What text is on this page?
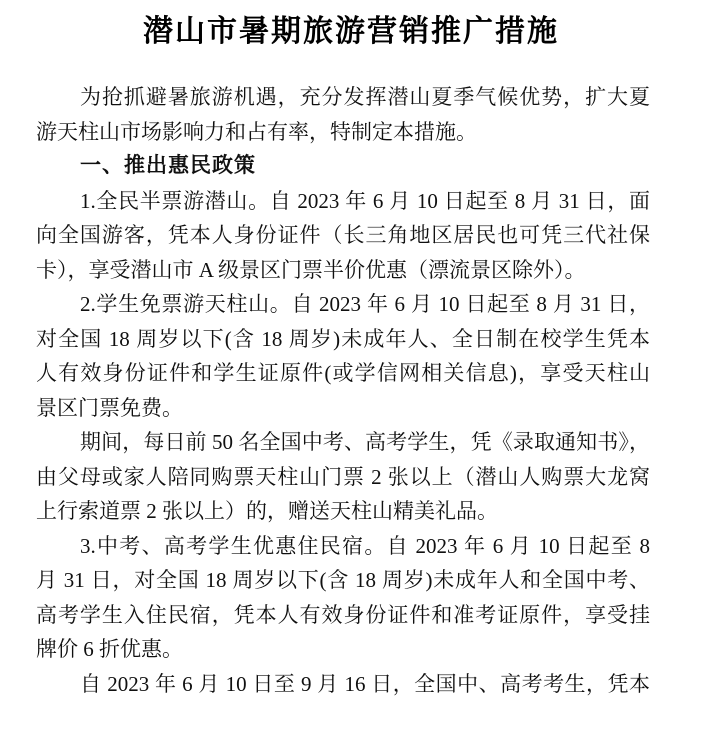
潜山市暑期旅游营销推广措施
为抢抓避暑旅游机遇，充分发挥潜山夏季气候优势，扩大夏
游天柱山市场影响力和占有率，特制定本措施。
一、推出惠民政策
1.全民半票游潜山。自 2023 年 6 月 10 日起至 8 月 31 日，面
向全国游客，凭本人身份证件（长三角地区居民也可凭三代社保
卡），享受潜山市 A 级景区门票半价优惠（漂流景区除外）。
2.学生免票游天柱山。自 2023 年 6 月 10 日起至 8 月 31 日，
对全国 18 周岁以下(含 18 周岁)未成年人、全日制在校学生凭本
人有效身份证件和学生证原件(或学信网相关信息)，享受天柱山
景区门票免费。
期间，每日前 50 名全国中考、高考学生，凭《录取通知书》，
由父母或家人陪同购票天柱山门票 2 张以上（潜山人购票大龙窝
上行索道票 2 张以上）的，赠送天柱山精美礼品。
3.中考、高考学生优惠住民宿。自 2023 年 6 月 10 日起至 8
月 31 日，对全国 18 周岁以下(含 18 周岁)未成年人和全国中考、
高考学生入住民宿，凭本人有效身份证件和准考证原件，享受挂
牌价 6 折优惠。
自 2023 年 6 月 10 日至 9 月 16 日，全国中、高考考生，凭本
